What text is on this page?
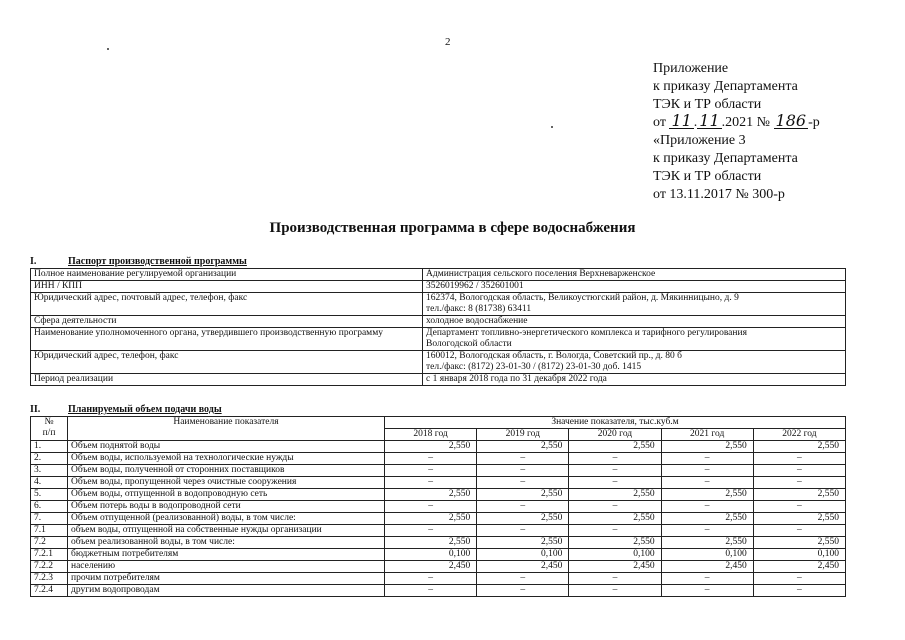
2
Приложение
к приказу Департамента
ТЭК и ТР области
от 11 . 11 .2021 № 186 -р
«Приложение 3
к приказу Департамента
ТЭК и ТР области
от 13.11.2017 № 300-р
Производственная программа в сфере водоснабжения
I.	Паспорт производственной программы
Полное наименование регулируемой организации	Администрация сельского поселения Верхневарженское

ИНН / КПП	3526019962 / 352601001

Юридический адрес, почтовый адрес, телефон, факс	162374, Вологодская область, Великоустюгский район, д. Мякинницыно, д. 9
тел./факс: 8 (81738) 63411

Сфера деятельности	холодное водоснабжение

Наименование уполномоченного органа, утвердившего производственную программу	Департамент топливно-энергетического комплекса и тарифного регулирования
Вологодской области

Юридический адрес, телефон, факс	160012, Вологодская область, г. Вологда, Советский пр., д. 80 б
тел./факс: (8172) 23-01-30 / (8172) 23-01-30 доб. 1415

Период реализации	с 1 января 2018 года по 31 декабря 2022 года
II.	Планируемый объем подачи воды
№
п/п	Наименование показателя	Значение показателя, тыс.куб.м				
		2018 год	2019 год	2020 год	2021 год	2022 год
1.	Объем поднятой воды	2,550	2,550	2,550	2,550	2,550
2.	Объем воды, используемой на технологические нужды	–	–	–	–	–
3.	Объем воды, полученной от сторонних поставщиков	–	–	–	–	–
4.	Объем воды, пропущенной через очистные сооружения	–	–	–	–	–
5.	Объем воды, отпущенной в водопроводную сеть	2,550	2,550	2,550	2,550	2,550
6.	Объем потерь воды в водопроводной сети	–	–	–	–	–
7.	Объем отпущенной (реализованной) воды, в том числе:	2,550	2,550	2,550	2,550	2,550
7.1	объем воды, отпущенной на собственные нужды организации	–	–	–	–	–
7.2	объем реализованной воды, в том числе:	2,550	2,550	2,550	2,550	2,550
7.2.1	бюджетным потребителям	0,100	0,100	0,100	0,100	0,100
7.2.2	населению	2,450	2,450	2,450	2,450	2,450
7.2.3	прочим потребителям	–	–	–	–	–
7.2.4	другим водопроводам	–	–	–	–	–
